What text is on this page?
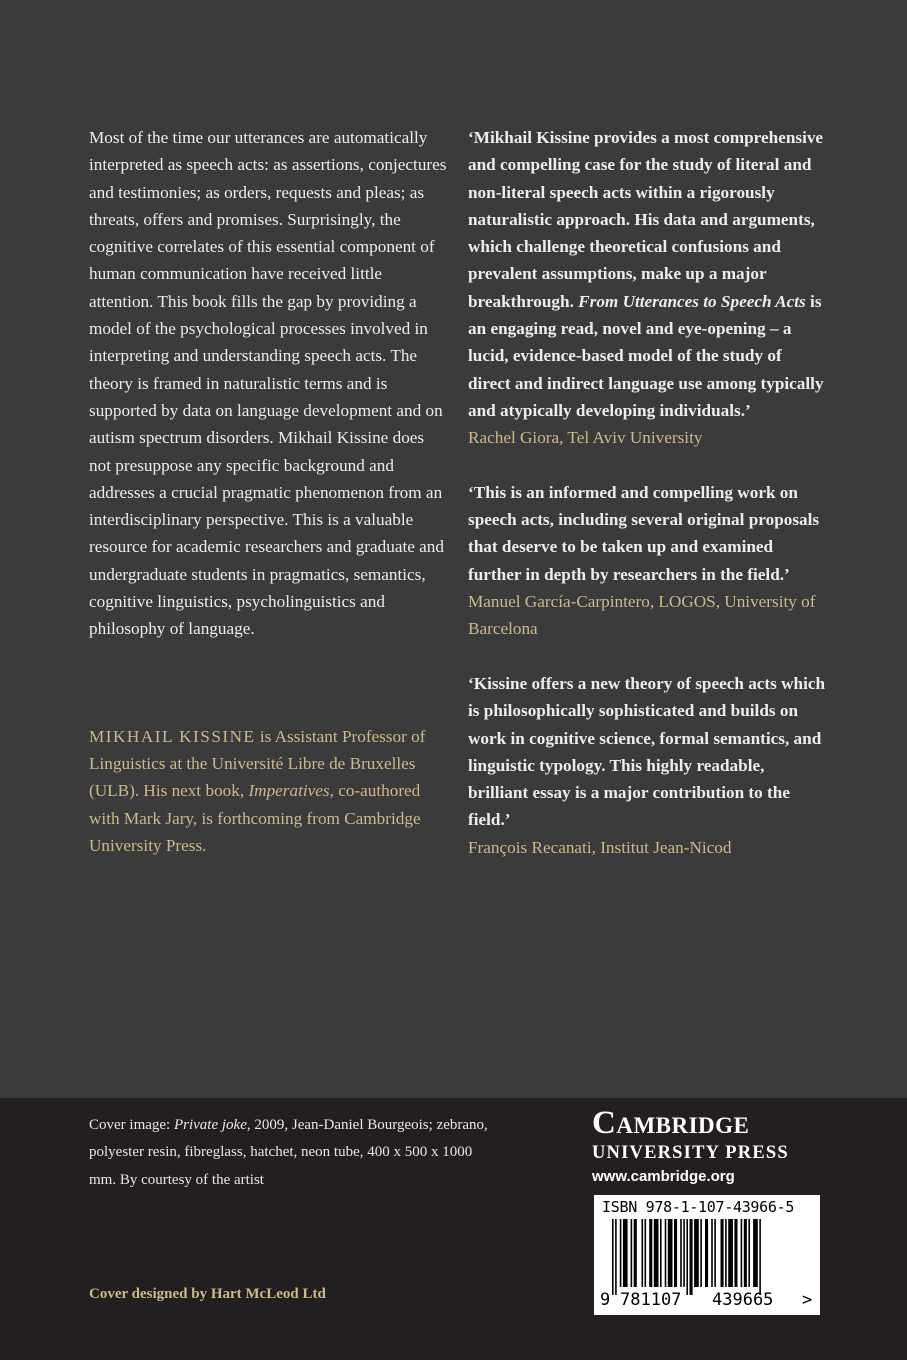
Most of the time our utterances are automatically interpreted as speech acts: as assertions, conjectures and testimonies; as orders, requests and pleas; as threats, offers and promises. Surprisingly, the cognitive correlates of this essential component of human communication have received little attention. This book fills the gap by providing a model of the psychological processes involved in interpreting and understanding speech acts. The theory is framed in naturalistic terms and is supported by data on language development and on autism spectrum disorders. Mikhail Kissine does not presuppose any specific background and addresses a crucial pragmatic phenomenon from an interdisciplinary perspective. This is a valuable resource for academic researchers and graduate and undergraduate students in pragmatics, semantics, cognitive linguistics, psycholinguistics and philosophy of language.

MIKHAIL KISSINE is Assistant Professor of Linguistics at the Université Libre de Bruxelles (ULB). His next book, Imperatives, co-authored with Mark Jary, is forthcoming from Cambridge University Press.

‘Mikhail Kissine provides a most comprehensive and compelling case for the study of literal and non-literal speech acts within a rigorously naturalistic approach. His data and arguments, which challenge theoretical confusions and prevalent assumptions, make up a major breakthrough. From Utterances to Speech Acts is an engaging read, novel and eye-opening – a lucid, evidence-based model of the study of direct and indirect language use among typically and atypically developing individuals.’
Rachel Giora, Tel Aviv University
‘This is an informed and compelling work on speech acts, including several original proposals that deserve to be taken up and examined further in depth by researchers in the field.’
Manuel García-Carpintero, LOGOS, University of Barcelona
‘Kissine offers a new theory of speech acts which is philosophically sophisticated and builds on work in cognitive science, formal semantics, and linguistic typology. This highly readable, brilliant essay is a major contribution to the field.’
François Recanati, Institut Jean-Nicod
Cover image: Private joke, 2009, Jean-Daniel Bourgeois; zebrano, polyester resin, fibreglass, hatchet, neon tube, 400 x 500 x 1000 mm. By courtesy of the artist
Cover designed by Hart McLeod Ltd
Cambridge
UNIVERSITY PRESS
www.cambridge.org
ISBN 978-1-107-43966-5
9 781107 439665 >
